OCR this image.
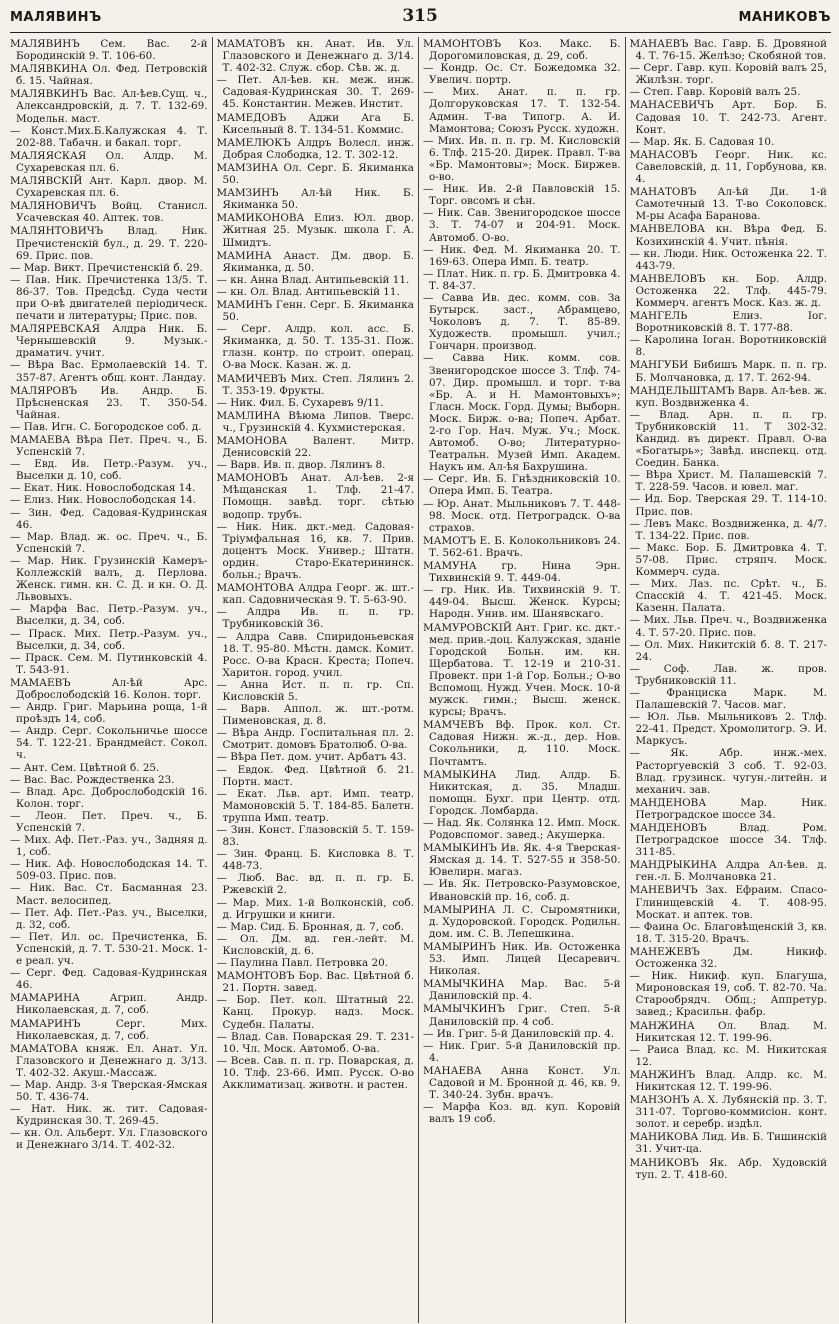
МАЛЯВИНЪ	315	МАНИКОВЪ

МАЛЯВИНЪ Сем. Вас. 2-й Бородинскій 9. Т. 106-60.

МАЛЯВКИНА Ол. Фед. Петровскій б. 15. Чайная.

МАЛЯВКИНЪ Вас. Ал-ѣев.Сущ. ч., Александровскій, д. 7. Т. 132-69. Модельн. маст.

— Конст.Мих.Б.Калужская 4. Т. 202-88. Табачн. и бакал. торг.

МАЛЯЯСКАЯ Ол. Алдр. М. Сухаревская пл. 6.

МАЛЯВСКІЙ Ант. Карл. двор. М. Сухаревская пл. 6.

МАЛЯНОВИЧЪ Войц. Станисл. Усачевская 40. Аптек. тов.

МАЛЯНТОВИЧЪ Влад. Ник. Пречистенскій бул., д. 29. Т. 220-69. Прис. пов.

— Мар. Викт. Пречистенскій б. 29.

— Пав. Ник. Пречистенка 13/5. Т. 86-37. Тов. Предсѣд. Суда чести при О-вѣ двигателей періодическ. печати и литературы; Прис. пов.

МАЛЯРЕВСКАЯ Алдра Ник. Б. Чернышевскій 9. Музык.-драматич. учит.

— Вѣра Вас. Ермолаевскій 14. Т. 357-87. Агентъ общ. конт. Ландау.

МАЛЯРОВЪ Ив. Андр. Б. Прѣсненская 23. Т. 350-54. Чайная.

— Пав. Игн. С. Богородское соб. д.

МАМАЕВА Вѣра Пет. Преч. ч., Б. Успенскій 7.

— Евд. Ив. Петр.-Разум. уч., Выселки д. 10, соб.

— Екат. Ник. Новослободская 14.

— Елиз. Ник. Новослободская 14.

— Зин. Фед. Садовая-Кудринская 46.

— Мар. Влад. ж. ос. Преч. ч., Б. Успенскій 7.

— Мар. Ник. Грузинскій Камеръ-Коллежскій валъ, д. Перлова. Женск. гимн. кн. С. Д. и кн. О. Д. Львовыхъ.

— Марфа Вас. Петр.-Разум. уч., Выселки, д. 34, соб.

— Праск. Мих. Петр.-Разум. уч., Выселки, д. 34, соб.

— Праск. Сем. М. Путинковскій 4. Т. 543-91.

МАМАЕВЪ Ал-ѣй Арс. Доброслободскій 16. Колон. торг.

— Андр. Григ. Марьина роща, 1-й проѣздъ 14, соб.

— Андр. Серг. Сокольничье шоссе 54. Т. 122-21. Брандмейст. Сокол. ч.

— Ант. Сем. Цвѣтной б. 25.

— Вас. Вас. Рождественка 23.

— Влад. Арс. Доброслободскій 16. Колон. торг.

— Леон. Пет. Преч. ч., Б. Успенскій 7.

— Мих. Аф. Пет.-Раз. уч., Задняя д. 1, соб.

— Ник. Аф. Новослободская 14. Т. 509-03. Прис. пов.

— Ник. Вас. Ст. Басманная 23. Маст. велосипед.

— Пет. Аф. Пет.-Раз. уч., Выселки, д. 32, соб.

— Пет. Ил. ос. Пречистенка, Б. Успенскій, д. 7. Т. 530-21. Моск. 1-е реал. уч.

— Серг. Фед. Садовая-Кудринская 46.

МАМАРИНА Агрип. Андр. Николаевская, д. 7, соб.

МАМАРИНЪ Серг. Мих. Николаевская, д. 7, соб.

МАМАТОВА княж. Ел. Анат. Ул. Глазовского и Денежнаго д. 3/13. Т. 402-32. Акуш.-Массаж.

— Мар. Андр. 3-я Тверская-Ямская 50. Т. 436-74.

— Нат. Ник. ж. тит. Садовая-Кудринская 30. Т. 269-45.

— кн. Ол. Альберт. Ул. Глазовского и Денежнаго 3/14. Т. 402-32.

МАМАТОВЪ кн. Анат. Ив. Ул. Глазовского и Денежнаго д. 3/14. Т. 402-32. Служ. сбор. Сѣв. ж. д.

— Пет. Ал-ѣев. кн. меж. инж. Садовая-Кудринская 30. Т. 269-45. Константин. Межев. Инстит.

МАМЕДОВЪ Аджи Ага Б. Кисельный 8. Т. 134-51. Коммис.

МАМЕЛЮКЪ Алдръ Волесл. инж. Добрая Слободка, 12. Т. 302-12.

МАМЗИНА Ол. Серг. Б. Якиманка 50.

МАМЗИНЪ Ал-ѣй Ник. Б. Якиманка 50.

МАМИКОНОВА Елиз. Юл. двор. Житная 25. Музык. школа Г. А. Шмидтъ.

МАМИНА Анаст. Дм. двор. Б. Якиманка, д. 50.

— кн. Анна Влад. Антипьевскій 11.

— кн. Ол. Влад. Антипьевскій 11.

МАМИНЪ Генн. Серг. Б. Якиманка 50.

— Серг. Алдр. кол. асс. Б. Якиманка, д. 50. Т. 135-31. Пож. глазн. контр. по строит. операц. О-ва Моск. Казан. ж. д.

МАМИЧЕВЪ Мих. Степ. Лялинъ 2. Т. 353-19. Фрукты.

— Ник. Фил. Б. Сухаревъ 9/11.

МАМЛИНА Вѣюма Липов. Тверс. ч., Грузинскій 4. Кухмистерская.

МАМОНОВА Валент. Митр. Денисовскій 22.

— Варв. Ив. п. двор. Лялинъ 8.

МАМОНОВЪ Анат. Ал-ѣев. 2-я Мѣщанская 1. Тлф. 21-47. Помощн. завѣд. торг. сѣтью водопр. трубъ.

— Ник. Ник. дкт.-мед. Садовая-Тріумфальная 16, кв. 7. Прив. доцентъ Моск. Универ.; Штатн. ордин. Старо-Екатерининск. больн.; Врачъ.

МАМОНТОВА Алдра Георг. ж. шт.-кап. Садовническая 9. Т. 5-63-90.

— Алдра Ив. п. п. гр. Трубниковскій 36.

— Алдра Савв. Спиридоньевская 18. Т. 95-80. Мѣстн. дамск. Комит. Росс. О-ва Красн. Креста; Попеч. Харитон. город. учил.

— Анна Ист. п. п. гр. Сп. Кисловскій 5.

— Варв. Аппол. ж. шт.-ротм. Пименовская, д. 8.

— Вѣра Андр. Госпитальная пл. 2. Смотрит. домовъ Братолюб. О-ва.

— Вѣра Пет. дом. учит. Арбатъ 43.

— Евдок. Фед. Цвѣтной б. 21. Портн. маст.

— Екат. Льв. арт. Имп. театр. Мамоновскій 5. Т. 184-85. Балетн. труппа Имп. театр.

— Зин. Конст. Глазовскій 5. Т. 159-83.

— Зин. Франц. Б. Кисловка 8. Т. 448-73.

— Люб. Вас. вд. п. п. гр. Б. Ржевскій 2.

— Мар. Мих. 1-й Волконскій, соб. д. Игрушки и книги.

— Мар. Сид. Б. Бронная, д. 7, соб.

— Ол. Дм. вд. ген.-лейт. М. Кисловскій, д. 6.

— Паулина Павл. Петровка 20.

МАМОНТОВЪ Бор. Вас. Цвѣтной б. 21. Портн. завед.

— Бор. Пет. кол. Штатный 22. Канц. Прокур. надз. Моск. Судебн. Палаты.

— Влад. Сав. Поварская 29. Т. 231-10. Чл. Моск. Автомоб. О-ва.

— Всев. Сав. п. п. гр. Поварская, д. 10. Тлф. 23-66. Имп. Русск. О-во Акклиматизац. животн. и растен.

МАМОНТОВЪ Коз. Макс. Б. Дорогомиловская, д. 29, соб.

— Кондр. Ос. Ст. Божедомка 32. Увелич. портр.

— Мих. Анат. п. п. гр. Долгоруковская 17. Т. 132-54. Админ. Т-ва Типогр. А. И. Мамонтова; Союзъ Русск. художн.

— Мих. Ив. п. п. гр. М. Кисловскій 6. Тлф. 215-20. Дирек. Правл. Т-ва «Бр. Мамонтовы»; Моск. Биржев. о-во.

— Ник. Ив. 2-й Павловскій 15. Торг. овсомъ и сѣн.

— Ник. Сав. Звенигородское шоссе 3. Т. 74-07 и 204-91. Моск. Автомоб. О-во.

— Ник. Фед. М. Якиманка 20. Т. 169-63. Опера Имп. Б. театр.

— Плат. Ник. п. гр. Б. Дмитровка 4. Т. 84-37.

— Савва Ив. дес. комм. сов. За Бутырск. заст., Абрамцево, Чоколовъ д. 7. Т. 85-89. Художеств. промышл. учил.; Гончарн. производ.

— Савва Ник. комм. сов. Звенигородское шоссе 3. Тлф. 74-07. Дир. промышл. и торг. т-ва «Бр. А. и Н. Мамонтовыхъ»; Гласн. Моск. Горд. Думы; Выборн. Моск. Бирж. о-ва; Попеч. Арбат. 2-го Гор. Нач. Муж. Уч.; Моск. Автомоб. О-во; Литературно-Театральн. Музей Имп. Академ. Наукъ им. Ал-ѣя Бахрушина.

— Серг. Ив. Б. Гнѣздниковскій 10. Опера Имп. Б. Театра.

— Юр. Анат. Мыльниковъ 7. Т. 448-98. Моск. отд. Петроградск. О-ва страхов.

МАМОТЪ Е. Б. Колокольниковъ 24. Т. 562-61. Врачъ.

МАМУНА гр. Нина Эрн. Тихвинскій 9. Т. 449-04.

— гр. Ник. Ив. Тихвинскій 9. Т. 449-04. Высш. Женск. Курсы; Народн. Унив. им. Шанявскаго.

МАМУРОВСКІЙ Ант. Григ. кс. дкт.-мед. прив.-доц. Калужская, зданіе Городской Больн. им. кн. Щербатова. Т. 12-19 и 210-31. Провект. при 1-й Гор. Больн.; О-во Вспомощ. Нужд. Учен. Моск. 10-й мужск. гимн.; Высш. женск. курсы; Врачъ.

МАМЧЕВЪ Вф. Прок. кол. Ст. Садовая Нижн. ж.-д., дер. Нов. Сокольники, д. 110. Моск. Почтамтъ.

МАМЫКИНА Лид. Алдр. Б. Никитская, д. 35. Младш. помощн. Бухг. при Центр. отд. Городск. Ломбарда.

— Над. Як. Солянка 12. Имп. Моск. Родовспомог. завед.; Акушерка.

МАМЫКИНЪ Ив. Як. 4-я Тверская-Ямская д. 14. Т. 527-55 и 358-50. Ювелирн. магаз.

— Ив. Як. Петровско-Разумовское, Ивановскій пр. 16, соб. д.

МАМЫРИНА Л. С. Сыромятники, д. Худоровской. Городск. Родильн. дом. им. С. В. Лепешкина.

МАМЫРИНЪ Ник. Ив. Остоженка 53. Имп. Лицей Цесаревич. Николая.

МАМЫЧКИНА Мар. Вас. 5-й Даниловскій пр. 4.

МАМЫЧКИНЪ Григ. Степ. 5-й Даниловскій пр. 4 соб.

— Ив. Григ. 5-й Даниловскій пр. 4.

— Ник. Григ. 5-й Даниловскій пр. 4.

МАНАЕВА Анна Конст. Ул. Садовой и М. Бронной д. 46, кв. 9. Т. 340-24. Зубн. врачъ.

— Марфа Коз. вд. куп. Коровій валъ 19 соб.

МАНАЕВЪ Вас. Гавр. Б. Дровяной 4. Т. 76-15. Желѣзо; Скобяной тов.

— Серг. Гавр. куп. Коровій валъ 25, Жилѣзн. торг.

— Степ. Гавр. Коровій валъ 25.

МАНАСЕВИЧЪ Арт. Бор. Б. Садовая 10. Т. 242-73. Агент. Конт.

— Мар. Як. Б. Садовая 10.

МАНАСОВЪ Георг. Ник. кс. Савеловскій, д. 11, Горбунова, кв. 4.

МАНАТОВЪ Ал-ѣй Ди. 1-й Самотечный 13. Т-во Соколовск. М-ры Асафа Баранова.

МАНВЕЛОВА кн. Вѣра Фед. Б. Козихинскій 4. Учит. пѣнія.

— кн. Люди. Ник. Остоженка 22. Т. 443-79.

МАНВЕЛОВЪ кн. Бор. Алдр. Остоженка 22. Тлф. 445-79. Коммерч. агентъ Моск. Каз. ж. д.

МАНГЕЛЬ Елиз. Іог. Воротниковскій 8. Т. 177-88.

— Каролина Іоган. Воротниковскій 8.

МАНГУБИ Бибишъ Марк. п. п. гр. Б. Молчановка, д. 17. Т. 262-94.

МАНДЕЛЬШТАМЪ Варв. Ал-ѣев. ж. куп. Воздвиженка 4.

— Влад. Арн. п. п. гр. Трубниковскій 11. Т 302-32. Кандид. въ директ. Правл. О-ва «Богатырь»; Завѣд. инспекц. отд. Соедин. Банка.

— Вѣра Христ. М. Палашевскій 7. Т. 228-59. Часов. и ювел. маг.

— Ид. Бор. Тверская 29. Т. 114-10. Прис. пов.

— Левъ Макс. Воздвиженка, д. 4/7. Т. 134-22. Прис. пов.

— Макс. Бор. Б. Дмитровка 4. Т. 57-08. Прис. стряпч. Моск. Коммерч. суда.

— Мих. Лаз. пс. Срѣт. ч., Б. Спасскій 4. Т. 421-45. Моск. Казенн. Палата.

— Мих. Льв. Преч. ч., Воздвиженка 4. Т. 57-20. Прис. пов.

— Ол. Мих. Никитскій б. 8. Т. 217-24.

— Соф. Лав. ж. пров. Трубниковскій 11.

— Франциска Марк. М. Палашевскій 7. Часов. маг.

— Юл. Льв. Мыльниковъ 2. Тлф. 22-41. Предст. Хромолитогр. Э. И. Маркусъ.

— Як. Абр. инж.-мех. Растоpгуевскій 3 соб. Т. 92-03. Влад. грузинск. чугун.-литейн. и механич. зав.

МАНДЕНОВА Мар. Ник. Петроградское шоссе 34.

МАНДЕНОВЪ Влад. Ром. Петроградское шоссе 34. Тлф. 311-85.

МАНДРЫКИНА Алдра Ал-ѣев. д. ген.-л. Б. Молчановка 21.

МАНЕВИЧЪ Зах. Ефраим. Спасо-Глинищевскій 4. Т. 408-95. Москат. и аптек. тов.

— Фаина Ос. Благовѣщенскій 3, кв. 18. Т. 315-20. Врачъ.

МАНЕЖЕВЪ Дм. Никиф. Остоженка 32.

— Ник. Никиф. куп. Благуша, Мироновская 19, соб. Т. 82-70. Ча. Старообрядч. Общ.; Аппретур. завед.; Красильн. фабр.

МАНЖИНА Ол. Влад. М. Никитская 12. Т. 199-96.

— Раиса Влад. кс. М. Никитская 12.

МАНЖИНЪ Влад. Алдр. кс. М. Никитская 12. Т. 199-96.

МАНЗОНЪ А. Х. Лубянскій пр. 3. Т. 311-07. Торгово-коммисіон. конт. золот. и серебр. издѣл.

МАНИКОВА Лид. Ив. Б. Тишинскій 31. Учит-ца.

МАНИКОВЪ Як. Абр. Худовскій туп. 2. Т. 418-60.
